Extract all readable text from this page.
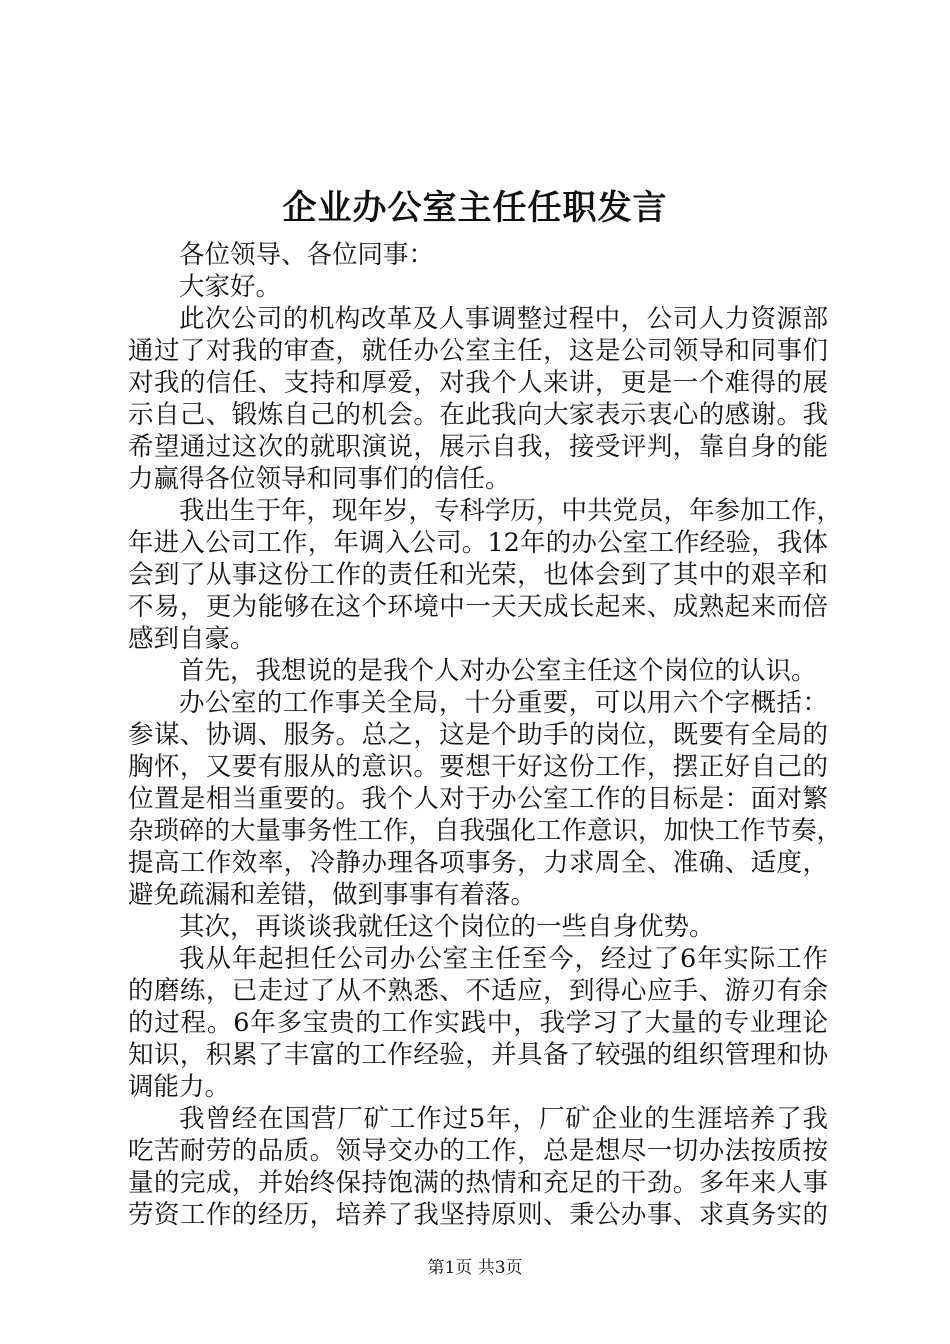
企业办公室主任任职发言
各位领导、各位同事：
大家好。
此次公司的机构改革及人事调整过程中，公司人力资源部
通过了对我的审查，就任办公室主任，这是公司领导和同事们
对我的信任、支持和厚爱，对我个人来讲，更是一个难得的展
示自己、锻炼自己的机会。在此我向大家表示衷心的感谢。我
希望通过这次的就职演说，展示自我，接受评判，靠自身的能
力赢得各位领导和同事们的信任。
我出生于年，现年岁，专科学历，中共党员，年参加工作，
年进入公司工作，年调入公司。12年的办公室工作经验，我体
会到了从事这份工作的责任和光荣，也体会到了其中的艰辛和
不易，更为能够在这个环境中一天天成长起来、成熟起来而倍
感到自豪。
首先，我想说的是我个人对办公室主任这个岗位的认识。
办公室的工作事关全局，十分重要，可以用六个字概括：
参谋、协调、服务。总之，这是个助手的岗位，既要有全局的
胸怀，又要有服从的意识。要想干好这份工作，摆正好自己的
位置是相当重要的。我个人对于办公室工作的目标是：面对繁
杂琐碎的大量事务性工作，自我强化工作意识，加快工作节奏，
提高工作效率，冷静办理各项事务，力求周全、准确、适度，
避免疏漏和差错，做到事事有着落。
其次，再谈谈我就任这个岗位的一些自身优势。
我从年起担任公司办公室主任至今，经过了6年实际工作
的磨练，已走过了从不熟悉、不适应，到得心应手、游刃有余
的过程。6年多宝贵的工作实践中，我学习了大量的专业理论
知识，积累了丰富的工作经验，并具备了较强的组织管理和协
调能力。
我曾经在国营厂矿工作过5年，厂矿企业的生涯培养了我
吃苦耐劳的品质。领导交办的工作，总是想尽一切办法按质按
量的完成，并始终保持饱满的热情和充足的干劲。多年来人事
劳资工作的经历，培养了我坚持原则、秉公办事、求真务实的
第1页 共3页
